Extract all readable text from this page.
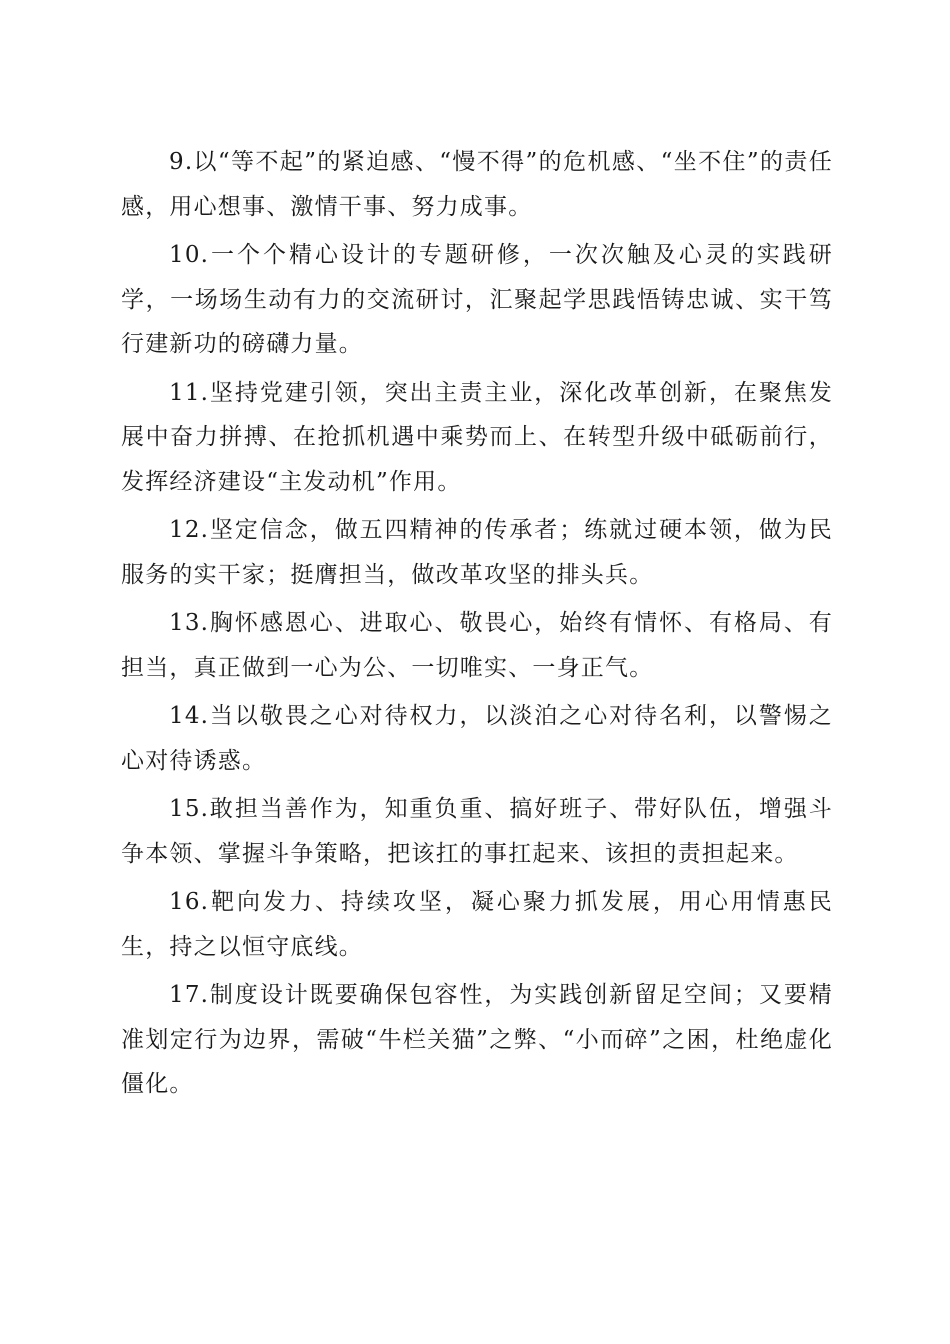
9.以“等不起”的紧迫感、“慢不得”的危机感、“坐不住”的责任感，用心想事、激情干事、努力成事。

10.一个个精心设计的专题研修，一次次触及心灵的实践研学，一场场生动有力的交流研讨，汇聚起学思践悟铸忠诚、实干笃行建新功的磅礴力量。

11.坚持党建引领，突出主责主业，深化改革创新，在聚焦发展中奋力拼搏、在抢抓机遇中乘势而上、在转型升级中砥砺前行，发挥经济建设“主发动机”作用。

12.坚定信念，做五四精神的传承者；练就过硬本领，做为民服务的实干家；挺膺担当，做改革攻坚的排头兵。

13.胸怀感恩心、进取心、敬畏心，始终有情怀、有格局、有担当，真正做到一心为公、一切唯实、一身正气。

14.当以敬畏之心对待权力，以淡泊之心对待名利，以警惕之心对待诱惑。

15.敢担当善作为，知重负重、搞好班子、带好队伍，增强斗争本领、掌握斗争策略，把该扛的事扛起来、该担的责担起来。

16.靶向发力、持续攻坚，凝心聚力抓发展，用心用情惠民生，持之以恒守底线。

17.制度设计既要确保包容性，为实践创新留足空间；又要精准划定行为边界，需破“牛栏关猫”之弊、“小而碎”之困，杜绝虚化僵化。
